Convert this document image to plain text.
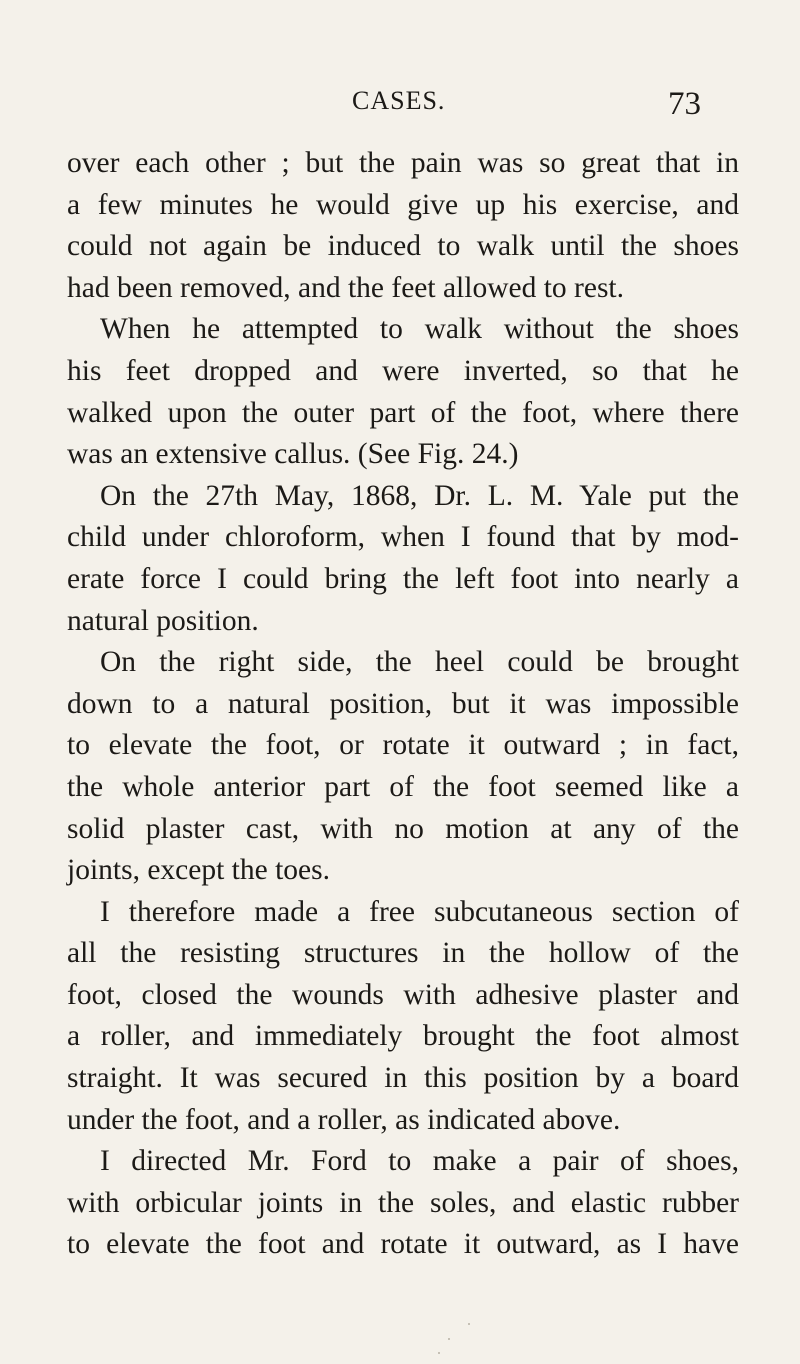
CASES.	73
over each other ; but the pain was so great that in
a few minutes he would give up his exercise, and
could not again be induced to walk until the shoes
had been removed, and the feet allowed to rest.
When he attempted to walk without the shoes
his feet dropped and were inverted, so that he
walked upon the outer part of the foot, where there
was an extensive callus. (See Fig. 24.)
On the 27th May, 1868, Dr. L. M. Yale put the
child under chloroform, when I found that by mod-
erate force I could bring the left foot into nearly a
natural position.
On the right side, the heel could be brought
down to a natural position, but it was impossible
to elevate the foot, or rotate it outward ; in fact,
the whole anterior part of the foot seemed like a
solid plaster cast, with no motion at any of the
joints, except the toes.
I therefore made a free subcutaneous section of
all the resisting structures in the hollow of the
foot, closed the wounds with adhesive plaster and
a roller, and immediately brought the foot almost
straight. It was secured in this position by a board
under the foot, and a roller, as indicated above.
I directed Mr. Ford to make a pair of shoes,
with orbicular joints in the soles, and elastic rubber
to elevate the foot and rotate it outward, as I have
